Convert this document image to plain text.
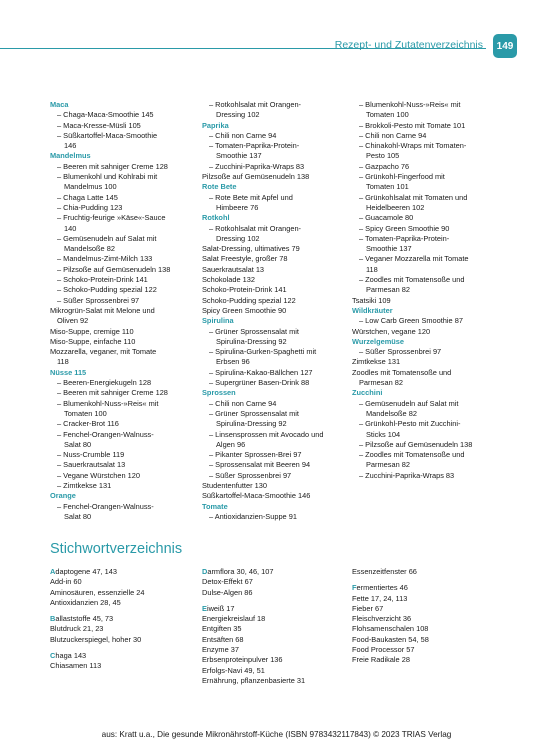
Rezept- und Zutatenverzeichnis	149
Maca
– Chaga-Maca-Smoothie 145
– Maca-Kresse-Müsli 105
– Süßkartoffel-Maca-Smoothie
146
Mandelmus
– Beeren mit sahniger Creme 128
– Blumenkohl und Kohlrabi mit
Mandelmus 100
– Chaga Latte 145
– Chia-Pudding 123
– Fruchtig-feurige »Käse«-Sauce
140
– Gemüsenudeln auf Salat mit
Mandelsoße 82
– Mandelmus-Zimt-Milch 133
– Pilzsoße auf Gemüsenudeln 138
– Schoko-Protein-Drink 141
– Schoko-Pudding spezial 122
– Süßer Sprossenbrei 97
Mikrogrün-Salat mit Melone und
Oliven 92
Miso-Suppe, cremige 110
Miso-Suppe, einfache 110
Mozzarella, veganer, mit Tomate
118
Nüsse 115
– Beeren-Energiekugeln 128
– Beeren mit sahniger Creme 128
– Blumenkohl-Nuss-»Reis« mit
Tomaten 100
– Cracker-Brot 116
– Fenchel-Orangen-Walnuss-
Salat 80
– Nuss-Crumble 119
– Sauerkrautsalat 13
– Vegane Würstchen 120
– Zimtkekse 131
Orange
– Fenchel-Orangen-Walnuss-
Salat 80
– Rotkohlsalat mit Orangen-
Dressing 102
Paprika
– Chili non Carne 94
– Tomaten-Paprika-Protein-
Smoothie 137
– Zucchini-Paprika-Wraps 83
Pilzsoße auf Gemüsenudeln 138
Rote Bete
– Rote Bete mit Apfel und
Himbeere 76
Rotkohl
– Rotkohlsalat mit Orangen-
Dressing 102
Salat-Dressing, ultimatives 79
Salat Freestyle, großer 78
Sauerkrautsalat 13
Schokolade 132
Schoko-Protein-Drink 141
Schoko-Pudding spezial 122
Spicy Green Smoothie 90
Spirulina
– Grüner Sprossensalat mit
Spirulina-Dressing 92
– Spirulina-Gurken-Spaghetti mit
Erbsen 96
– Spirulina-Kakao-Bällchen 127
– Supergrüner Basen-Drink 88
Sprossen
– Chili non Carne 94
– Grüner Sprossensalat mit
Spirulina-Dressing 92
– Linsensprossen mit Avocado und
Algen 96
– Pikanter Sprossen-Brei 97
– Sprossensalat mit Beeren 94
– Süßer Sprossenbrei 97
Studentenfutter 130
Süßkartoffel-Maca-Smoothie 146
Tomate
– Antioxidanzien-Suppe 91
– Blumenkohl-Nuss-»Reis« mit
Tomaten 100
– Brokkoli-Pesto mit Tomate 101
– Chili non Carne 94
– Chinakohl-Wraps mit Tomaten-
Pesto 105
– Gazpacho 76
– Grünkohl-Fingerfood mit
Tomaten 101
– Grünkohlsalat mit Tomaten und
Heidelbeeren 102
– Guacamole 80
– Spicy Green Smoothie 90
– Tomaten-Paprika-Protein-
Smoothie 137
– Veganer Mozzarella mit Tomate
118
– Zoodles mit Tomatensoße und
Parmesan 82
Tsatsiki 109
Wildkräuter
– Low Carb Green Smoothie 87
Würstchen, vegane 120
Wurzelgemüse
– Süßer Sprossenbrei 97
Zimtkekse 131
Zoodles mit Tomatensoße und
Parmesan 82
Zucchini
– Gemüsenudeln auf Salat mit
Mandelsoße 82
– Grünkohl-Pesto mit Zucchini-
Sticks 104
– Pilzsoße auf Gemüsenudeln 138
– Zoodles mit Tomatensoße und
Parmesan 82
– Zucchini-Paprika-Wraps 83
Stichwortverzeichnis
Adaptogene 47, 143
Add-in 60
Aminosäuren, essenzielle 24
Antioxidanzien 28, 45
Ballaststoffe 45, 73
Blutdruck 21, 23
Blutzuckerspiegel, hoher 30
Chaga 143
Chiasamen 113
Darmflora 30, 46, 107
Detox-Effekt 67
Dulse-Algen 86
Eiweiß 17
Energiekreislauf 18
Entgiften 35
Entsäften 68
Enzyme 37
Erbsenproteinpulver 136
Erfolgs-Navi 49, 51
Ernährung, pflanzenbasierte 31
Essenzeitfenster 66
Fermentiertes 46
Fette 17, 24, 113
Fieber 67
Fleischverzicht 36
Flohsamenschalen 108
Food-Baukasten 54, 58
Food Processor 57
Freie Radikale 28
aus: Kratt u.a., Die gesunde Mikronährstoff-Küche (ISBN 9783432117843) © 2023 TRIAS Verlag
